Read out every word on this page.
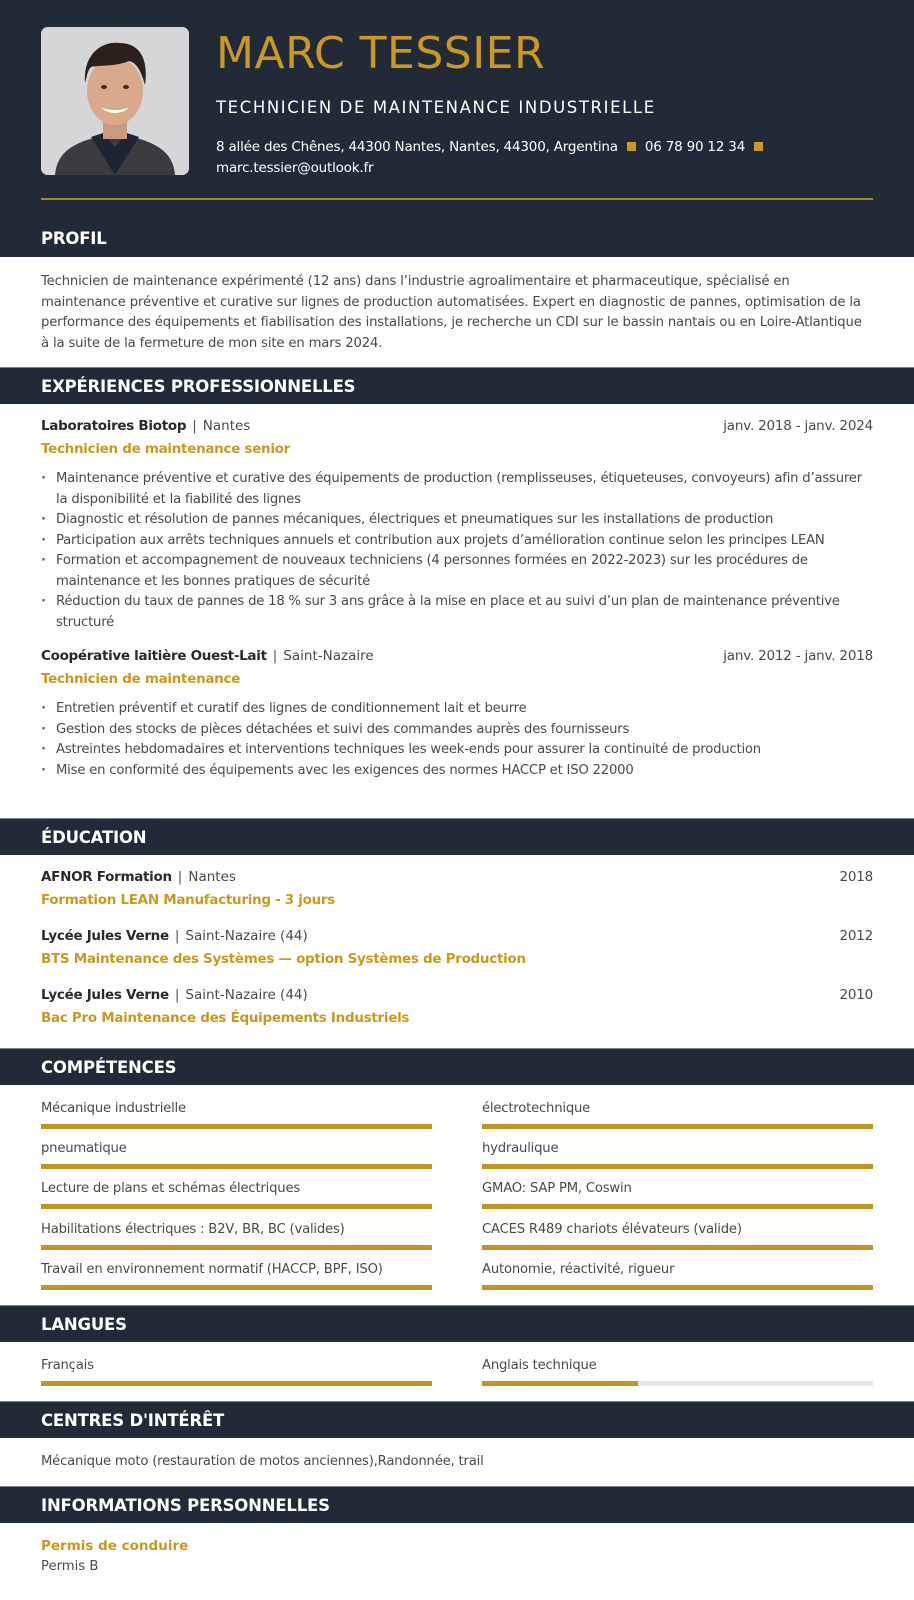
MARC TESSIER
TECHNICIEN DE MAINTENANCE INDUSTRIELLE
8 allée des Chênes, 44300 Nantes, Nantes, 44300, Argentina 06 78 90 12 34
marc.tessier@outlook.fr
PROFIL

Technicien de maintenance expérimenté (12 ans) dans l’industrie agroalimentaire et pharmaceutique, spécialisé en maintenance préventive et curative sur lignes de production automatisées. Expert en diagnostic de pannes, optimisation de la performance des équipements et fiabilisation des installations, je recherche un CDI sur le bassin nantais ou en Loire-Atlantique à la suite de la fermeture de mon site en mars 2024.

EXPÉRIENCES PROFESSIONNELLES
Laboratoires Biotop | Nantes	janv. 2018 - janv. 2024
Technicien de maintenance senior
· Maintenance préventive et curative des équipements de production (remplisseuses, étiqueteuses, convoyeurs) afin d’assurer la disponibilité et la fiabilité des lignes
· Diagnostic et résolution de pannes mécaniques, électriques et pneumatiques sur les installations de production
· Participation aux arrêts techniques annuels et contribution aux projets d’amélioration continue selon les principes LEAN
· Formation et accompagnement de nouveaux techniciens (4 personnes formées en 2022-2023) sur les procédures de maintenance et les bonnes pratiques de sécurité
· Réduction du taux de pannes de 18 % sur 3 ans grâce à la mise en place et au suivi d’un plan de maintenance préventive structuré
Coopérative laitière Ouest-Lait | Saint-Nazaire	janv. 2012 - janv. 2018
Technicien de maintenance
· Entretien préventif et curatif des lignes de conditionnement lait et beurre
· Gestion des stocks de pièces détachées et suivi des commandes auprès des fournisseurs
· Astreintes hebdomadaires et interventions techniques les week-ends pour assurer la continuité de production
· Mise en conformité des équipements avec les exigences des normes HACCP et ISO 22000
ÉDUCATION
AFNOR Formation | Nantes	2018
Formation LEAN Manufacturing - 3 jours
Lycée Jules Verne | Saint-Nazaire (44)	2012
BTS Maintenance des Systèmes — option Systèmes de Production
Lycée Jules Verne | Saint-Nazaire (44)	2010
Bac Pro Maintenance des Équipements Industriels
COMPÉTENCES
Mécanique industrielle	électrotechnique
pneumatique	hydraulique
Lecture de plans et schémas électriques	GMAO: SAP PM, Coswin
Habilitations électriques : B2V, BR, BC (valides)	CACES R489 chariots élévateurs (valide)
Travail en environnement normatif (HACCP, BPF, ISO)	Autonomie, réactivité, rigueur
LANGUES
Français	Anglais technique
CENTRES D'INTÉRÊT

Mécanique moto (restauration de motos anciennes),Randonnée, trail

INFORMATIONS PERSONNELLES
Permis de conduire
Permis B
